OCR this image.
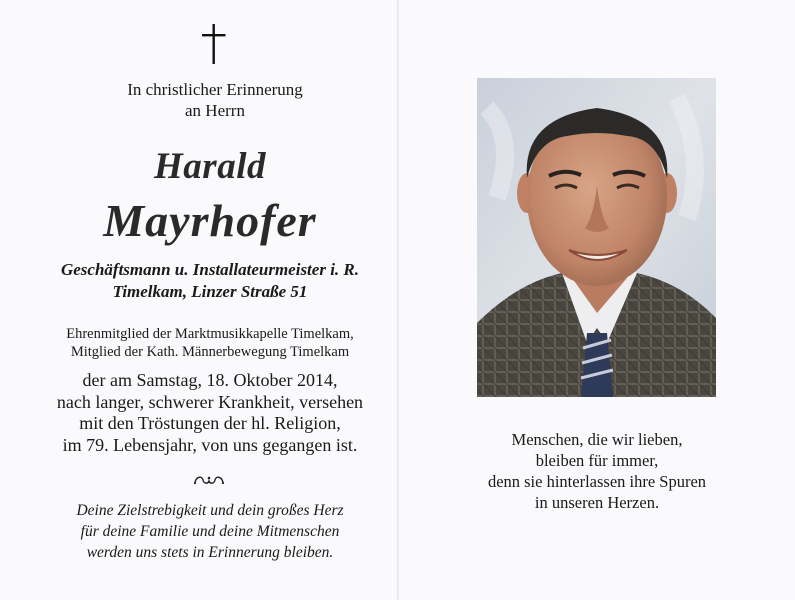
In christlicher Erinnerung
an Herrn
Harald
Mayrhofer
Geschäftsmann u. Installateurmeister i. R.
Timelkam, Linzer Straße 51
Ehrenmitglied der Marktmusikkapelle Timelkam,
Mitglied der Kath. Männerbewegung Timelkam
der am Samstag, 18. Oktober 2014,
nach langer, schwerer Krankheit, versehen
mit den Tröstungen der hl. Religion,
im 79. Lebensjahr, von uns gegangen ist.
Deine Zielstrebigkeit und dein großes Herz
für deine Familie und deine Mitmenschen
werden uns stets in Erinnerung bleiben.
Menschen, die wir lieben,
bleiben für immer,
denn sie hinterlassen ihre Spuren
in unseren Herzen.
